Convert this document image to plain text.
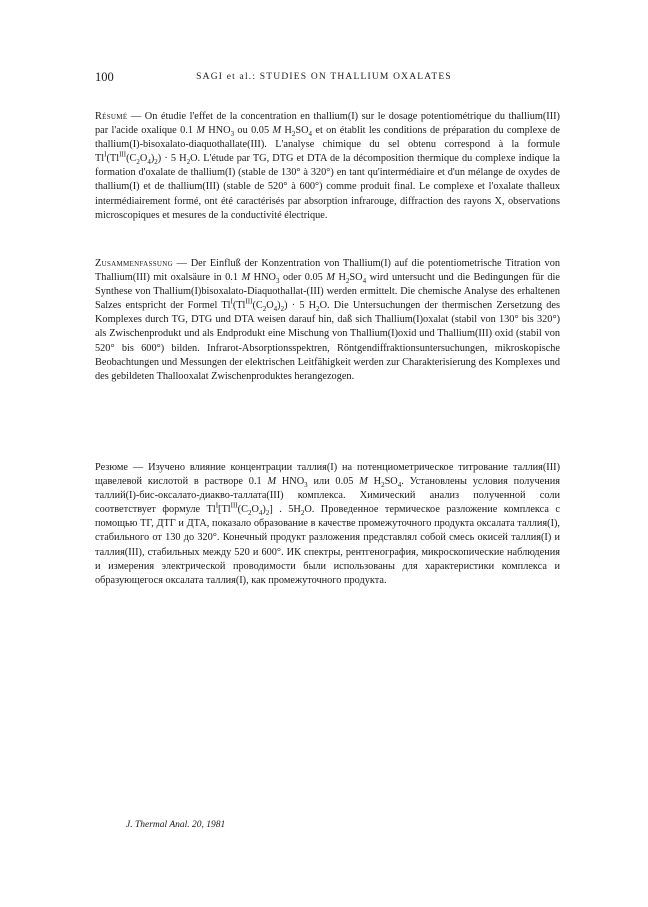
100	SAGI et al.: STUDIES ON THALLIUM OXALATES

Résumé — On étudie l'effet de la concentration en thallium(I) sur le dosage potentiométrique du thallium(III) par l'acide oxalique 0.1 M $HNO_3$ ou 0.05 M $H_2SO_4$ et on établit les conditions de préparation du complexe de thallium(I)-bisoxalato-diaquothallate(III). L'analyse chimique du sel obtenu correspond à la formule $Tl^I(Tl^{III}(C_2O_4)_2) \cdot 5$ $H_2O$. L'étude par TG, DTG et DTA de la décomposition thermique du complexe indique la formation d'oxalate de thallium(I) (stable de 130° à 320°) en tant qu'intermédiaire et d'un mélange de oxydes de thallium(I) et de thallium(III) (stable de 520° à 600°) comme produit final. Le complexe et l'oxalate thalleux intermédiairement formé, ont été caractérisés par absorption infrarouge, diffraction des rayons X, observations microscopiques et mesures de la conductivité électrique.

Zusammenfassung — Der Einfluß der Konzentration von Thallium(I) auf die potentiometrische Titration von Thallium(III) mit oxalsäure in 0.1 M $HNO_3$ oder 0.05 M $H_2SO_4$ wird untersucht und die Bedingungen für die Synthese von Thallium(I)bisoxalato-Diaquothallat-(III) werden ermittelt. Die chemische Analyse des erhaltenen Salzes entspricht der Formel $Tl^I(Tl^{III}(C_2O_4)_2) \cdot 5$ $H_2O$. Die Untersuchungen der thermischen Zersetzung des Komplexes durch TG, DTG und DTA weisen darauf hin, daß sich Thallium(I)oxalat (stabil von 130° bis 320°) als Zwischenprodukt und als Endprodukt eine Mischung von Thallium(I)oxid und Thallium(III) oxid (stabil von 520° bis 600°) bilden. Infrarot-Absorptionsspektren, Röntgendiffraktionsuntersuchungen, mikroskopische Beobachtungen und Messungen der elektrischen Leitfähigkeit werden zur Charakterisierung des Komplexes und des gebildeten Thallooxalat Zwischenproduktes herangezogen.

Резюме — Изучено влияние концентрации таллия(I) на потенциометрическое титрование таллия(III) щавелевой кислотой в растворе 0.1 M $HNO_3$ или 0.05 M $H_2SO_4$. Установлены условия получения таллий(I)-бис-оксалато-диакво-таллата(III) комплекса. Химический анализ полученной соли соответствует формуле $Tl^I[Tl^{III}(C_2O_4)_2]$ . $5H_2O$. Проведенное термическое разложение комплекса с помощью ТГ, ДТГ и ДТА, показало образование в качестве промежуточного продукта оксалата таллия(I), стабильного от 130 до 320°. Конечный продукт разложения представлял собой смесь окисей таллия(I) и таллия(III), стабильных между 520 и 600°. ИК спектры, рентгенография, микроскопические наблюдения и измерения электрической проводимости были использованы для характеристики комплекса и образующегося оксалата таллия(I), как промежуточного продукта.

J. Thermal Anal. 20, 1981
